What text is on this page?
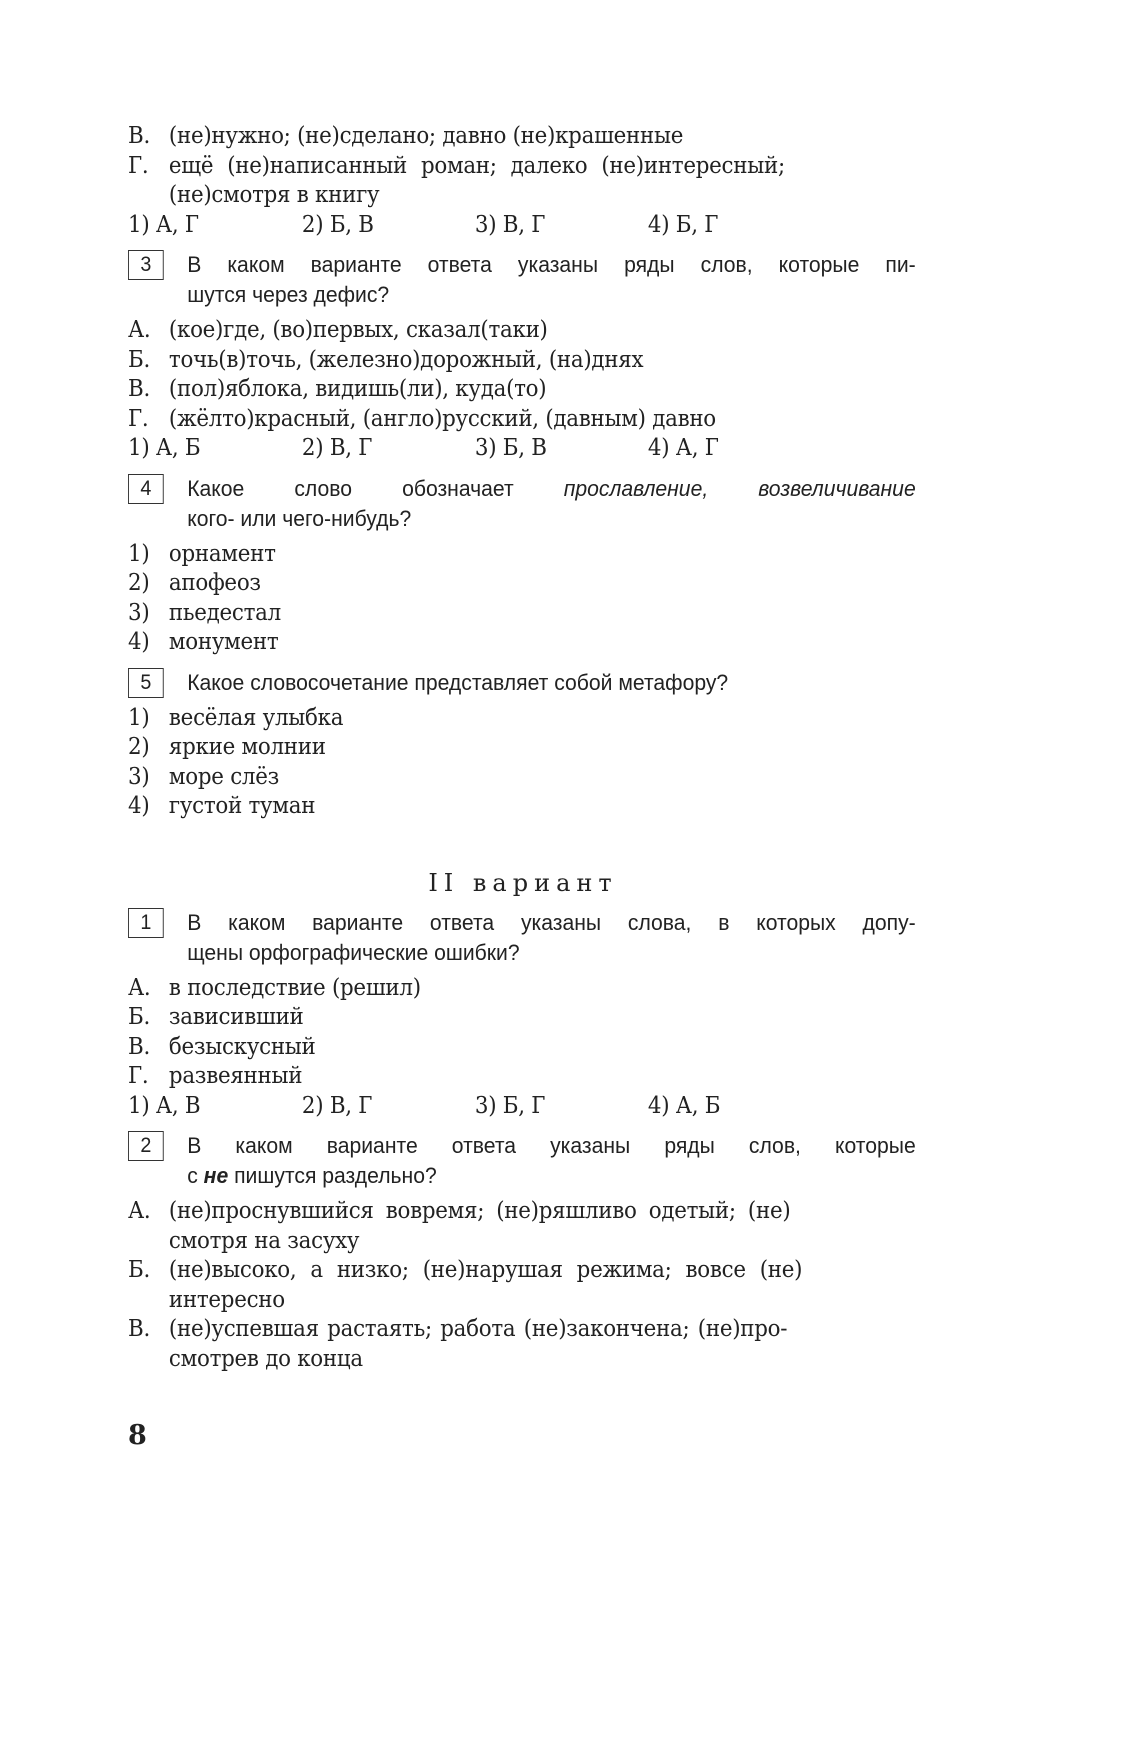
В. (не)нужно; (не)сделано; давно (не)крашенные
Г. ещё (не)написанный роман; далеко (не)интересный;
(не)смотря в книгу
1) А, Г	2) Б, В	3) В, Г	4) Б, Г
3	В каком варианте ответа указаны ряды слов, которые пи-
шутся через дефис?
А. (кое)где, (во)первых, сказал(таки)
Б. точь(в)точь, (железно)дорожный, (на)днях
В. (пол)яблока, видишь(ли), куда(то)
Г. (жёлто)красный, (англо)русский, (давным) давно
1) А, Б	2) В, Г	3) Б, В	4) А, Г
4	Какое слово обозначает прославление, возвеличивание
кого- или чего-нибудь?
1) орнамент
2) апофеоз
3) пьедестал
4) монумент
5	Какое словосочетание представляет собой метафору?
1) весёлая улыбка
2) яркие молнии
3) море слёз
4) густой туман
II вариант
1	В каком варианте ответа указаны слова, в которых допу-
щены орфографические ошибки?
А. в последствие (решил)
Б. зависивший
В. безыскусный
Г. развеянный
1) А, В	2) В, Г	3) Б, Г	4) А, Б
2	В каком варианте ответа указаны ряды слов, которые
с не пишутся раздельно?
А. (не)проснувшийся вовремя; (не)ряшливо одетый; (не)
смотря на засуху
Б. (не)высоко, а низко; (не)нарушая режима; вовсе (не)
интересно
В. (не)успевшая растаять; работа (не)закончена; (не)про-
смотрев до конца
8
